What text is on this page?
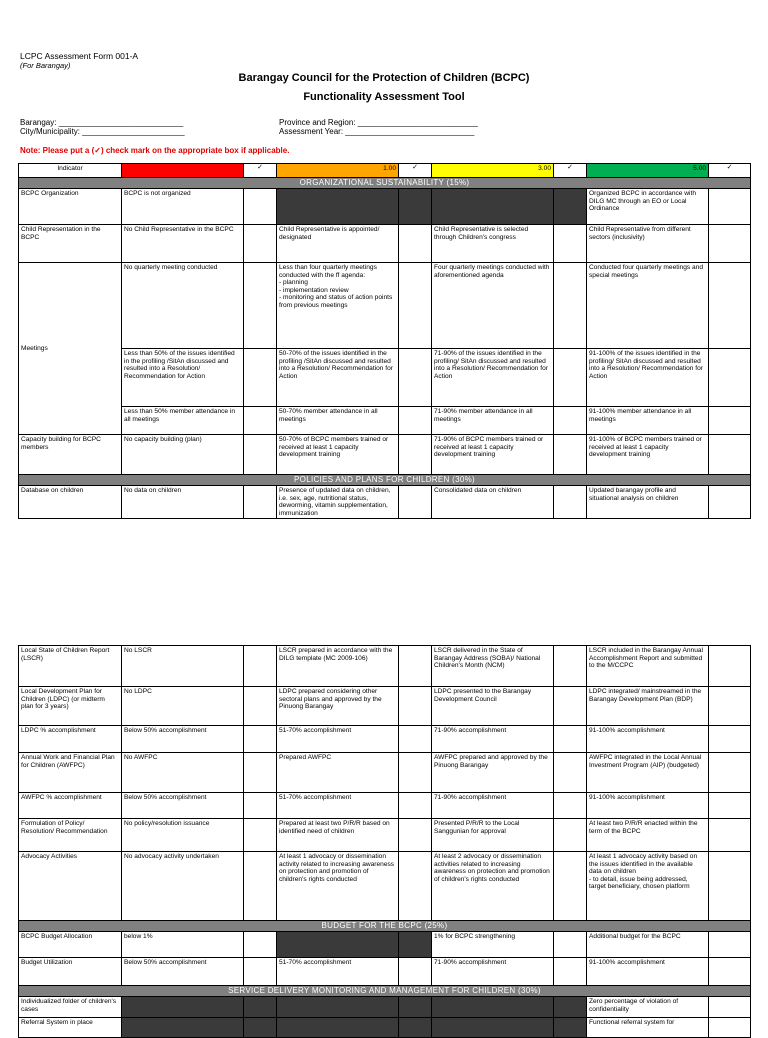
LCPC Assessment Form 001-A
(For Barangay)
Barangay Council for the Protection of Children (BCPC)
Functionality Assessment Tool
Barangay: ____________________________
City/Municipality: _______________________
Province and Region: ___________________________
Assessment Year: _____________________________
Note: Please put a (✓) check mark on the appropriate box if applicable.
Indicator		✓	1.00	✓	3.00	✓	5.00	✓
ORGANIZATIONAL SUSTAINABILITY (15%)								
BCPC Organization	BCPC is not organized						Organized BCPC in accordance with DILG MC through an EO or Local Ordinance	
Child Representation in the BCPC	No Child Representative in the BCPC		Child Representative is appointed/ designated		Child Representative is selected through Children's congress		Child Representative from different sectors (inclusivity)	
Meetings	No quarterly meeting conducted		Less than four quarterly meetings conducted with the ff agenda:
- planning
- implementation review
- monitoring and status of action points from previous meetings		Four quarterly meetings conducted with aforementioned agenda		Conducted four quarterly meetings and special meetings	
	Less than 50% of the issues identified in the profiling /SitAn discussed and resulted into a Resolution/ Recommendation for Action		50-70% of the issues identified in the profiling /SitAn discussed and resulted into a Resolution/ Recommendation for Action		71-90% of the issues identified in the profiling/ SitAn discussed and resulted into a Resolution/ Recommendation for Action		91-100% of the issues identified in the profiling/ SitAn discussed and resulted into a Resolution/ Recommendation for Action	
	Less than 50% member attendance in all meetings		50-70% member attendance in all meetings		71-90% member attendance in all meetings		91-100% member attendance in all meetings	
Capacity building for BCPC members	No capacity building (plan)		50-70% of BCPC members trained or received at least 1 capacity development training		71-90% of BCPC members trained or received at least 1 capacity development training		91-100% of BCPC members trained or received at least 1 capacity development training	
POLICIES AND PLANS FOR CHILDREN (30%)								
Database on children	No data on children		Presence of updated data on children, i.e. sex, age, nutritional status, deworming, vitamin supplementation, immunization		Consolidated data on children		Updated barangay profile and situational analysis on children	
Local State of Children Report (LSCR)	No LSCR		LSCR prepared in accordance with the DILG template (MC 2009-106)		LSCR delivered in the State of Barangay Address (SOBA)/ National Children's Month (NCM)		LSCR included in the Barangay Annual Accomplishment Report and submitted to the M/CCPC	
Local Development Plan for Children (LDPC) (or midterm plan for 3 years)	No LDPC		LDPC prepared considering other sectoral plans and approved by the Pinuong Barangay		LDPC presented to the Barangay Development Council		LDPC integrated/ mainstreamed in the Barangay Development Plan (BDP)	
LDPC % accomplishment	Below 50% accomplishment		51-70% accomplishment		71-90% accomplishment		91-100% accomplishment	
Annual Work and Financial Plan for Children (AWFPC)	No AWFPC		Prepared AWFPC		AWFPC prepared and approved by the Pinuong Barangay		AWFPC integrated in the Local Annual Investment Program (AIP) (budgeted)	
AWFPC % accomplishment	Below 50% accomplishment		51-70% accomplishment		71-90% accomplishment		91-100% accomplishment	
Formulation of Policy/ Resolution/ Recommendation	No policy/resolution issuance		Prepared at least two P/R/R based on identified need of children		Presented P/R/R to the Local Sanggunian for approval		At least two P/R/R enacted within the term of the BCPC	
Advocacy Activities	No advocacy activity undertaken		At least 1 advocacy or dissemination activity related to increasing awareness on protection and promotion of children's rights conducted		At least 2 advocacy or dissemination activities related to increasing awareness on protection and promotion of children's rights conducted		At least 1 advocacy activity based on the issues identified in the available data on children
- to detail, issue being addressed, target beneficiary, chosen platform	
BUDGET FOR THE BCPC (25%)								
BCPC Budget Allocation	below 1%				1% for BCPC strengthening		Additional budget for the BCPC	
Budget Utilization	Below 50% accomplishment		51-70% accomplishment		71-90% accomplishment		91-100% accomplishment	
SERVICE DELIVERY MONITORING AND MANAGEMENT FOR CHILDREN (30%)								
Individualized folder of children's cases							Zero percentage of violation of confidentiality	
Referral System in place							Functional referral system for	
